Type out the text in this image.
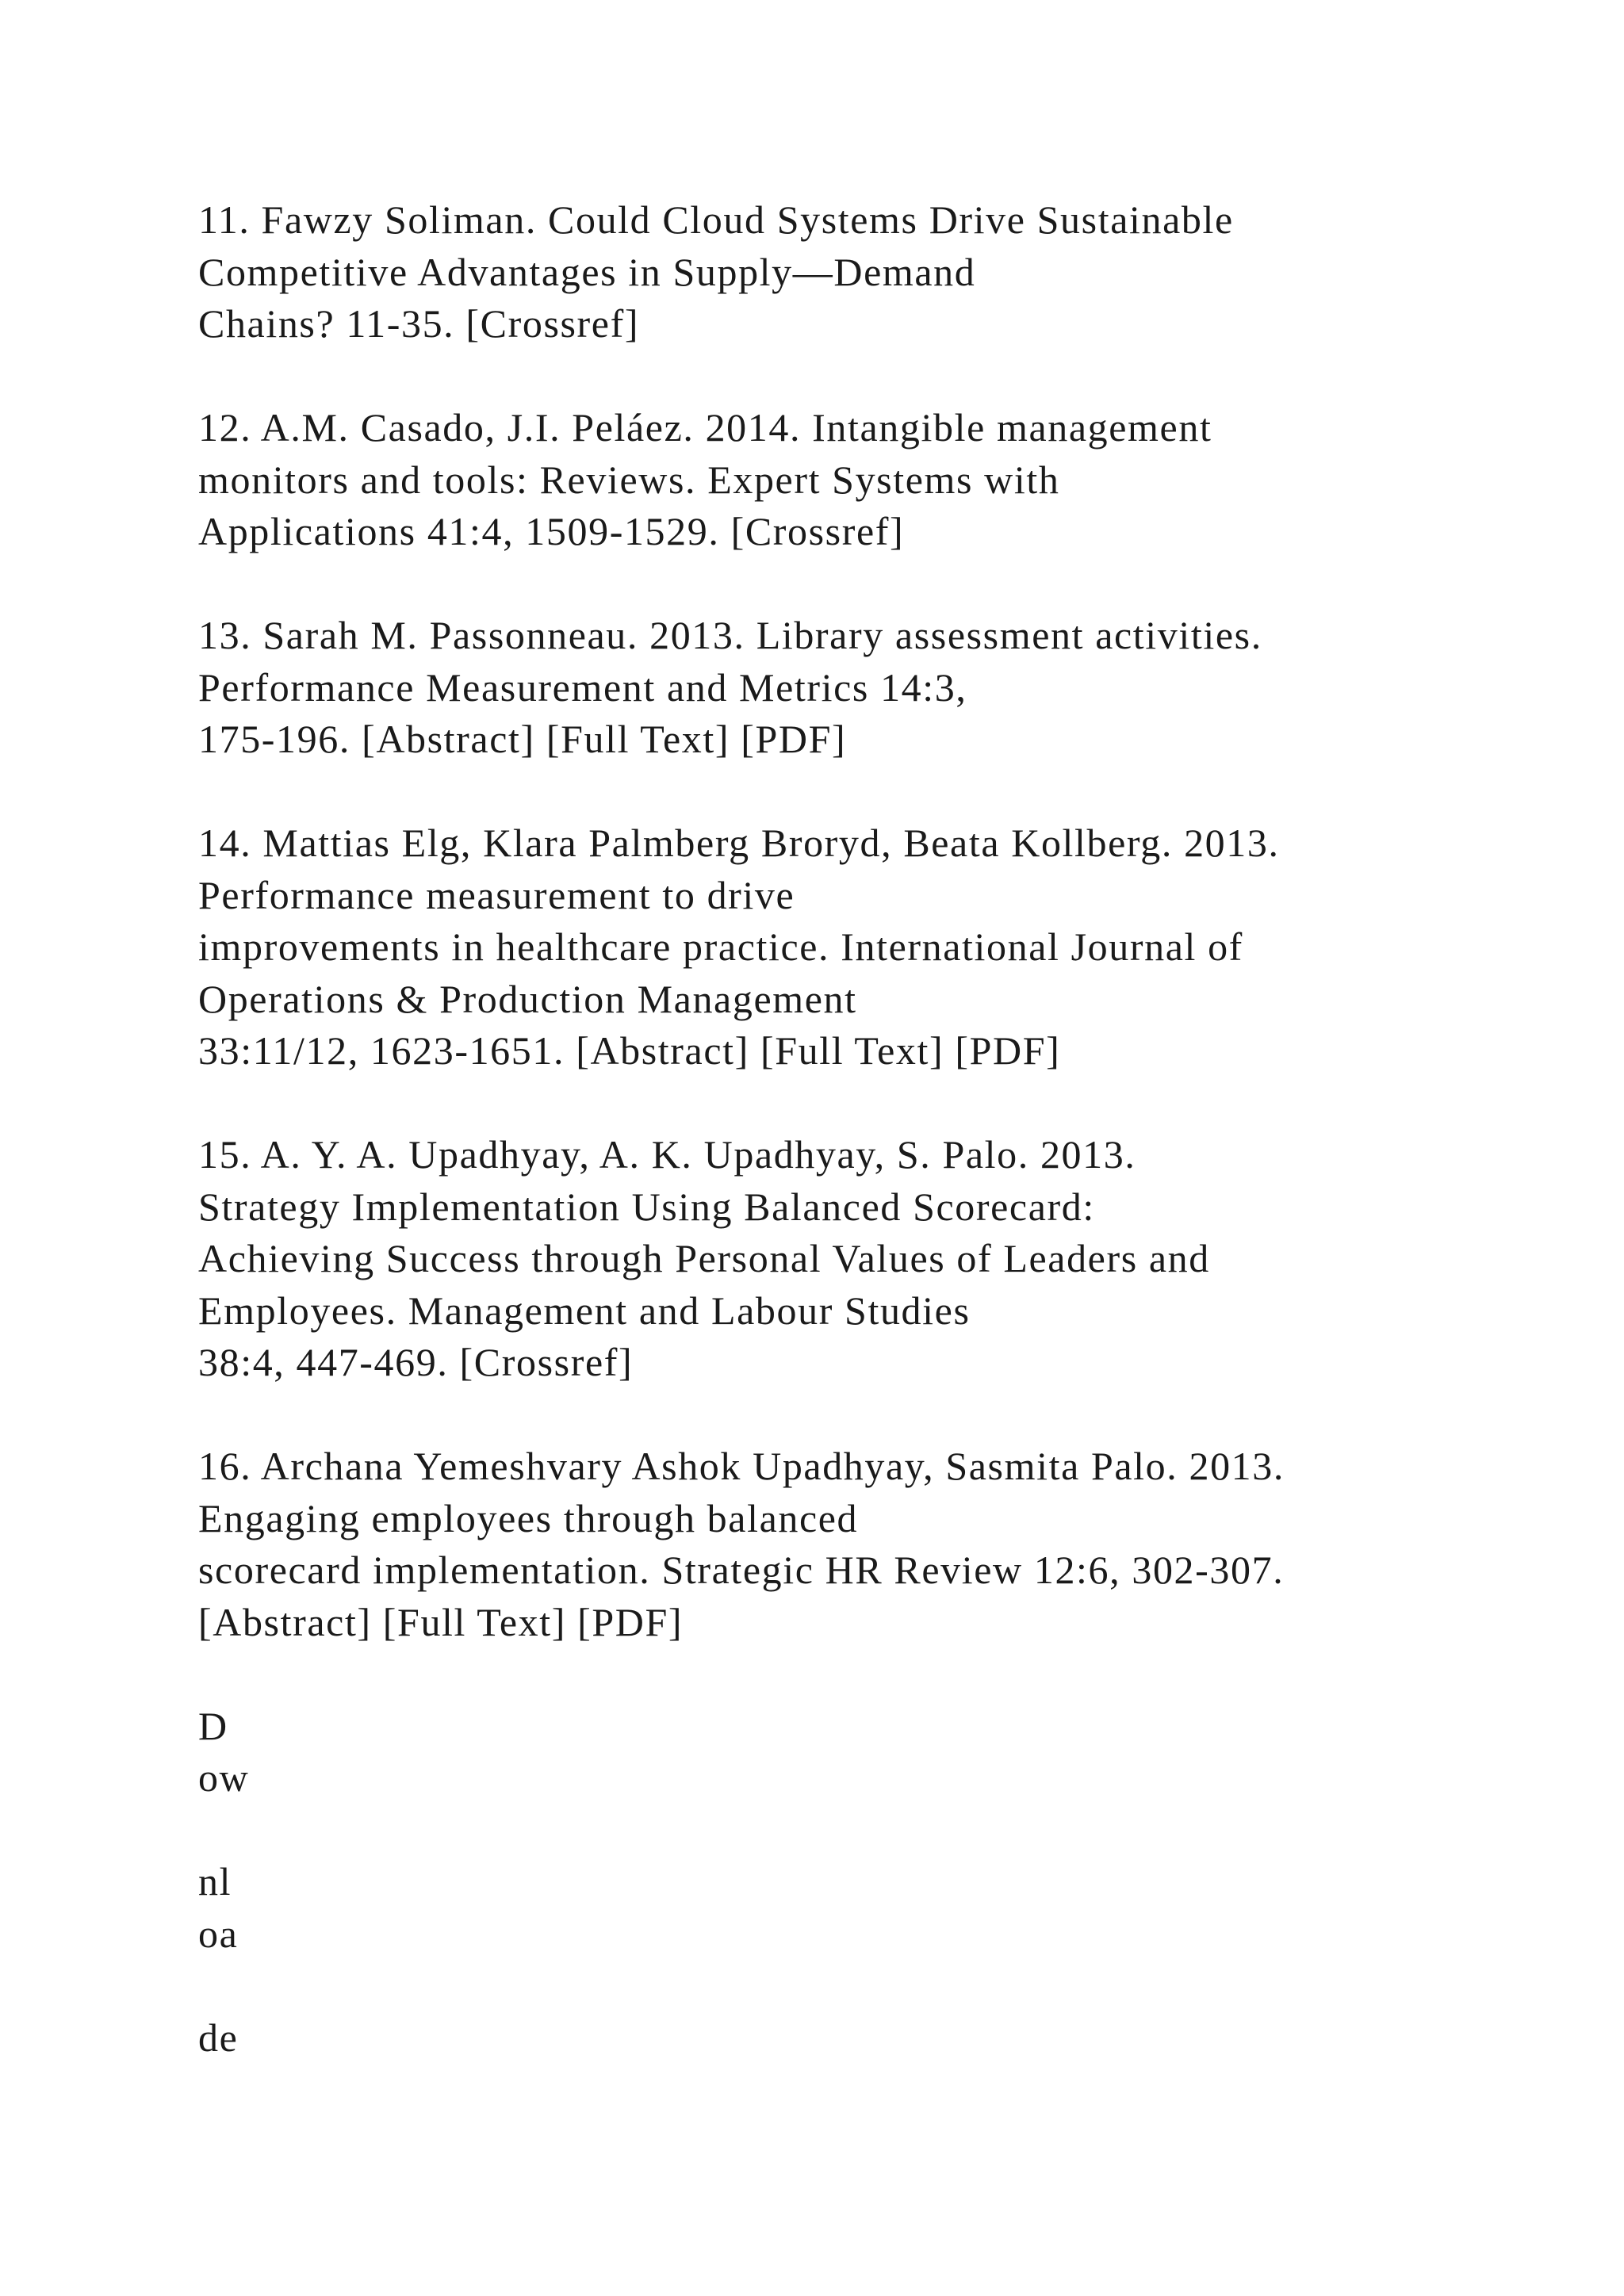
11. Fawzy Soliman. Could Cloud Systems Drive Sustainable
Competitive Advantages in Supply—Demand
Chains? 11-35. [Crossref]
12. A.M. Casado, J.I. Peláez. 2014. Intangible management
monitors and tools: Reviews. Expert Systems with
Applications 41:4, 1509-1529. [Crossref]
13. Sarah M. Passonneau. 2013. Library assessment activities.
Performance Measurement and Metrics 14:3,
175-196. [Abstract] [Full Text] [PDF]
14. Mattias Elg, Klara Palmberg Broryd, Beata Kollberg. 2013.
Performance measurement to drive
improvements in healthcare practice. International Journal of
Operations & Production Management
33:11/12, 1623-1651. [Abstract] [Full Text] [PDF]
15. A. Y. A. Upadhyay, A. K. Upadhyay, S. Palo. 2013.
Strategy Implementation Using Balanced Scorecard:
Achieving Success through Personal Values of Leaders and
Employees. Management and Labour Studies
38:4, 447-469. [Crossref]
16. Archana Yemeshvary Ashok Upadhyay, Sasmita Palo. 2013.
Engaging employees through balanced
scorecard implementation. Strategic HR Review 12:6, 302-307.
[Abstract] [Full Text] [PDF]
D
ow
nl
oa
de
